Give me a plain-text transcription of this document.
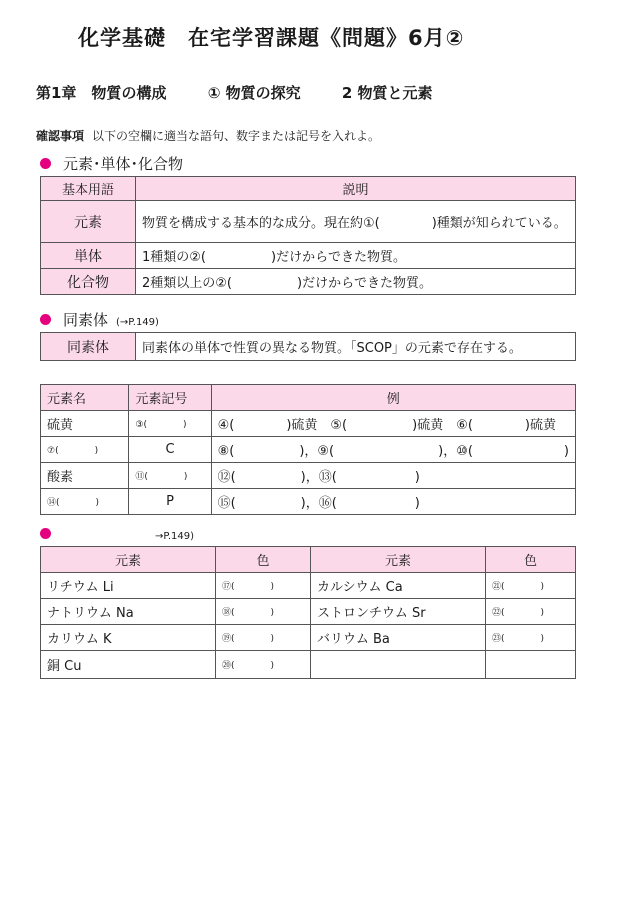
化学基礎　在宅学習課題《問題》6月②
第1章　物質の構成	① 物質の探究	2 物質と元素
確認事項 以下の空欄に適当な語句、数字または記号を入れよ。
元素･単体･化合物
基本用語	説明
元素	物質を構成する基本的な成分。現在約①(　　　　)種類が知られている。
単体	1種類の②(　　　　　)だけからできた物質。
化合物	2種類以上の②(　　　　　)だけからできた物質。
同素体 (→P.149)
同素体	同素体の単体で性質の異なる物質。「SCOP」の元素で存在する。
元素名	元素記号	例
硫黄	③(　　　　)	④(　　　　)硫黄　⑤(　　　　　)硫黄　⑥(　　　　)硫黄
⑦(　　　　)	C	⑧(　　　　　)，⑨(　　　　　　　　)，⑩(　　　　　　　)
酸素	⑪(　　　　)	⑫(　　　　　)，⑬(　　　　　　)
⑭(　　　　)	P	⑮(　　　　　)，⑯(　　　　　　)
→P.149)
元素	色	元素	色
リチウム Li	⑰(　　　　)	カルシウム Ca	㉑(　　　　)
ナトリウム Na	⑱(　　　　)	ストロンチウム Sr	㉒(　　　　)
カリウム K	⑲(　　　　)	バリウム Ba	㉓(　　　　)
銅 Cu	⑳(　　　　)		
